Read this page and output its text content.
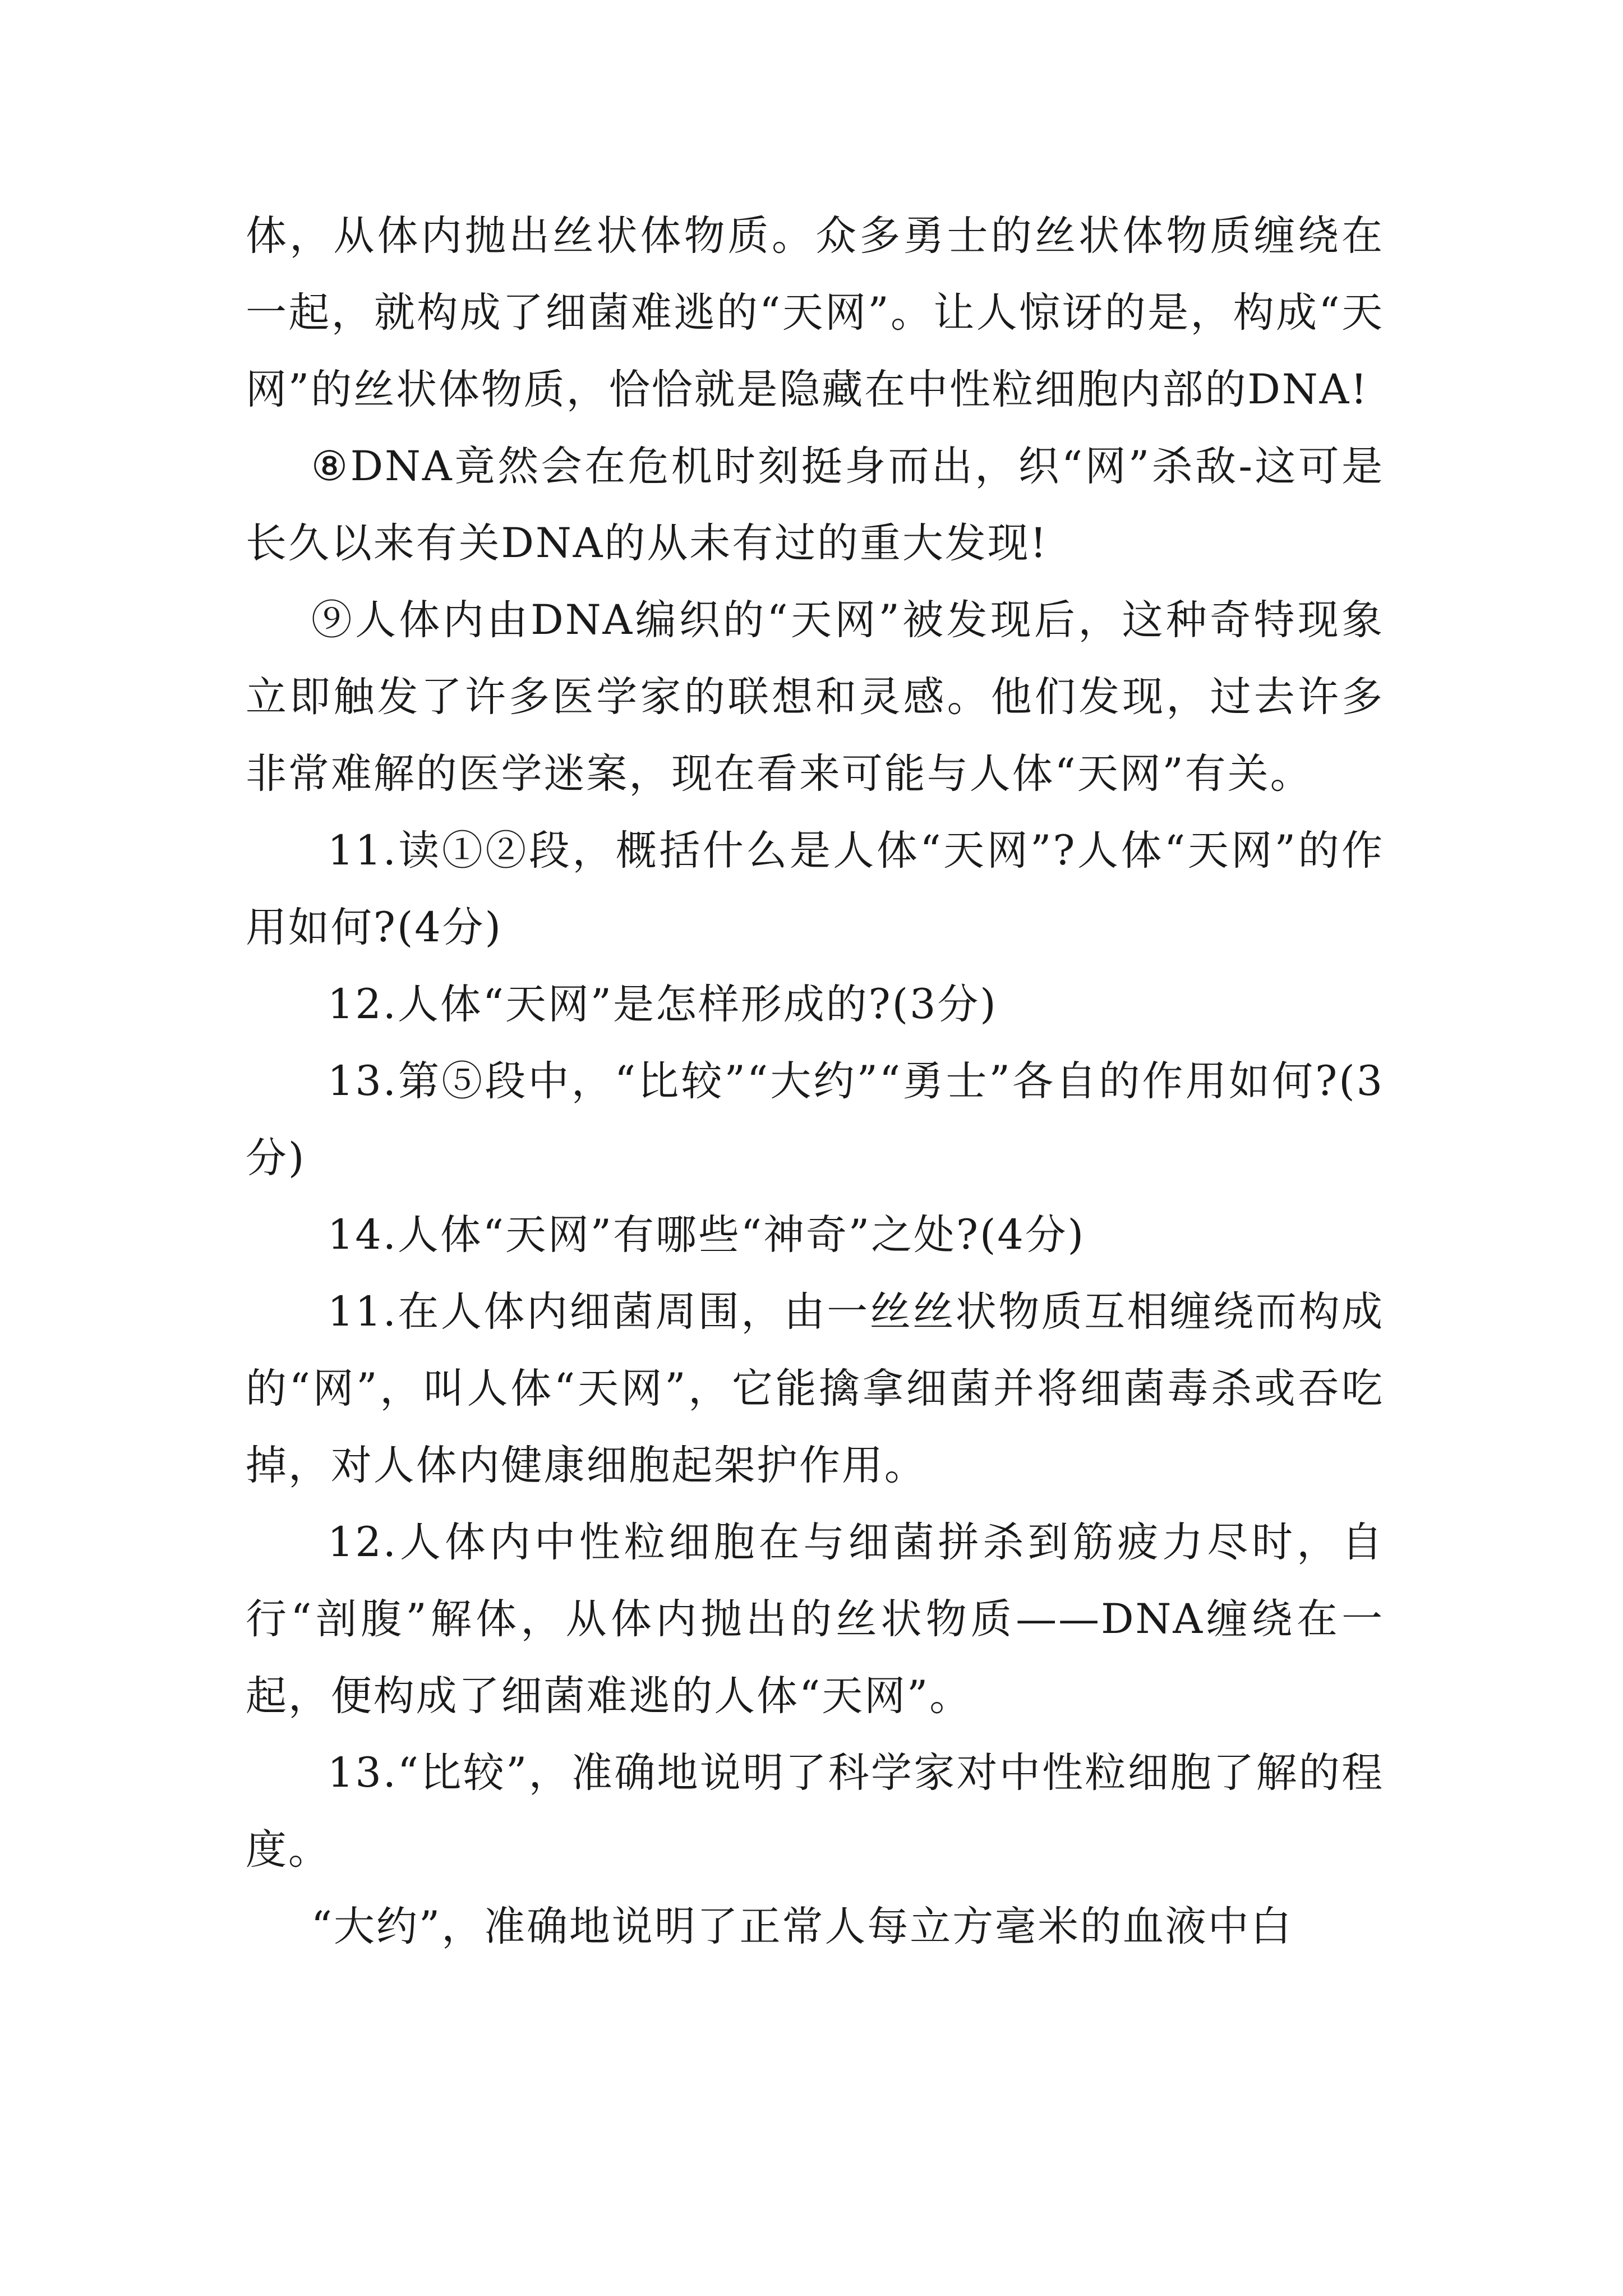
体，从体内抛出丝状体物质。众多勇士的丝状体物质缠绕在一起，就构成了细菌难逃的“天网”。让人惊讶的是，构成“天网”的丝状体物质，恰恰就是隐藏在中性粒细胞内部的DNA!

⑧DNA竟然会在危机时刻挺身而出，织“网”杀敌-这可是长久以来有关DNA的从未有过的重大发现!

⑨人体内由DNA编织的“天网”被发现后，这种奇特现象立即触发了许多医学家的联想和灵感。他们发现，过去许多非常难解的医学迷案，现在看来可能与人体“天网”有关。

11.读①②段，概括什么是人体“天网”?人体“天网”的作用如何?(4分)

12.人体“天网”是怎样形成的?(3分)

13.第⑤段中，“比较”“大约”“勇士”各自的作用如何?(3分)

14.人体“天网”有哪些“神奇”之处?(4分)

11.在人体内细菌周围，由一丝丝状物质互相缠绕而构成的“网”，叫人体“天网”，它能擒拿细菌并将细菌毒杀或吞吃掉，对人体内健康细胞起架护作用。

12.人体内中性粒细胞在与细菌拼杀到筋疲力尽时，自行“剖腹”解体，从体内抛出的丝状物质——DNA缠绕在一起，便构成了细菌难逃的人体“天网”。

13.“比较”，准确地说明了科学家对中性粒细胞了解的程度。

“大约”，准确地说明了正常人每立方毫米的血液中白
